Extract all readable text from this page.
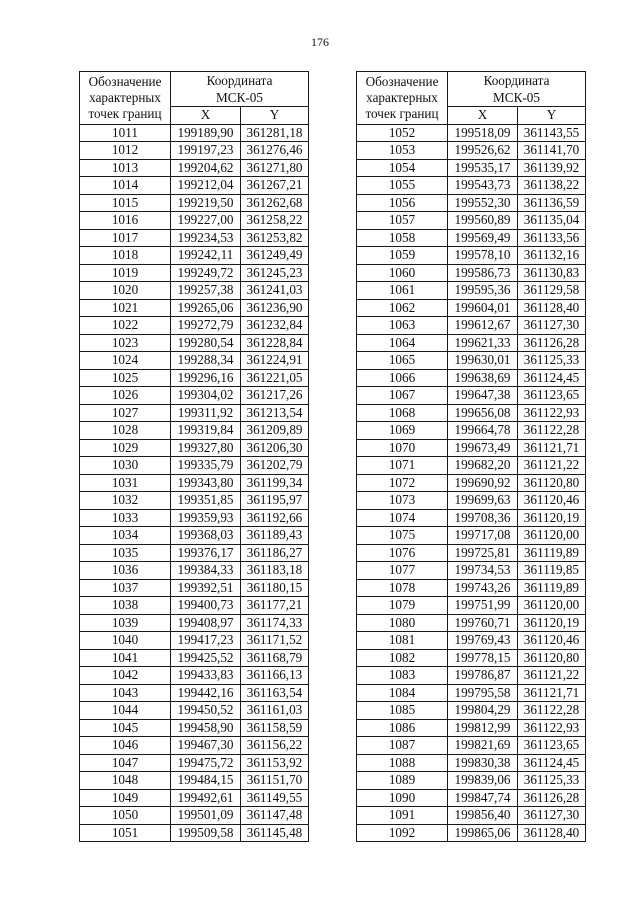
176
Обозначение
характерных
точек границ	Координата
МСК-05	
	X	Y
1011	199189,90	361281,18
1012	199197,23	361276,46
1013	199204,62	361271,80
1014	199212,04	361267,21
1015	199219,50	361262,68
1016	199227,00	361258,22
1017	199234,53	361253,82
1018	199242,11	361249,49
1019	199249,72	361245,23
1020	199257,38	361241,03
1021	199265,06	361236,90
1022	199272,79	361232,84
1023	199280,54	361228,84
1024	199288,34	361224,91
1025	199296,16	361221,05
1026	199304,02	361217,26
1027	199311,92	361213,54
1028	199319,84	361209,89
1029	199327,80	361206,30
1030	199335,79	361202,79
1031	199343,80	361199,34
1032	199351,85	361195,97
1033	199359,93	361192,66
1034	199368,03	361189,43
1035	199376,17	361186,27
1036	199384,33	361183,18
1037	199392,51	361180,15
1038	199400,73	361177,21
1039	199408,97	361174,33
1040	199417,23	361171,52
1041	199425,52	361168,79
1042	199433,83	361166,13
1043	199442,16	361163,54
1044	199450,52	361161,03
1045	199458,90	361158,59
1046	199467,30	361156,22
1047	199475,72	361153,92
1048	199484,15	361151,70
1049	199492,61	361149,55
1050	199501,09	361147,48
1051	199509,58	361145,48
Обозначение
характерных
точек границ	Координата
МСК-05	
	X	Y
1052	199518,09	361143,55
1053	199526,62	361141,70
1054	199535,17	361139,92
1055	199543,73	361138,22
1056	199552,30	361136,59
1057	199560,89	361135,04
1058	199569,49	361133,56
1059	199578,10	361132,16
1060	199586,73	361130,83
1061	199595,36	361129,58
1062	199604,01	361128,40
1063	199612,67	361127,30
1064	199621,33	361126,28
1065	199630,01	361125,33
1066	199638,69	361124,45
1067	199647,38	361123,65
1068	199656,08	361122,93
1069	199664,78	361122,28
1070	199673,49	361121,71
1071	199682,20	361121,22
1072	199690,92	361120,80
1073	199699,63	361120,46
1074	199708,36	361120,19
1075	199717,08	361120,00
1076	199725,81	361119,89
1077	199734,53	361119,85
1078	199743,26	361119,89
1079	199751,99	361120,00
1080	199760,71	361120,19
1081	199769,43	361120,46
1082	199778,15	361120,80
1083	199786,87	361121,22
1084	199795,58	361121,71
1085	199804,29	361122,28
1086	199812,99	361122,93
1087	199821,69	361123,65
1088	199830,38	361124,45
1089	199839,06	361125,33
1090	199847,74	361126,28
1091	199856,40	361127,30
1092	199865,06	361128,40
